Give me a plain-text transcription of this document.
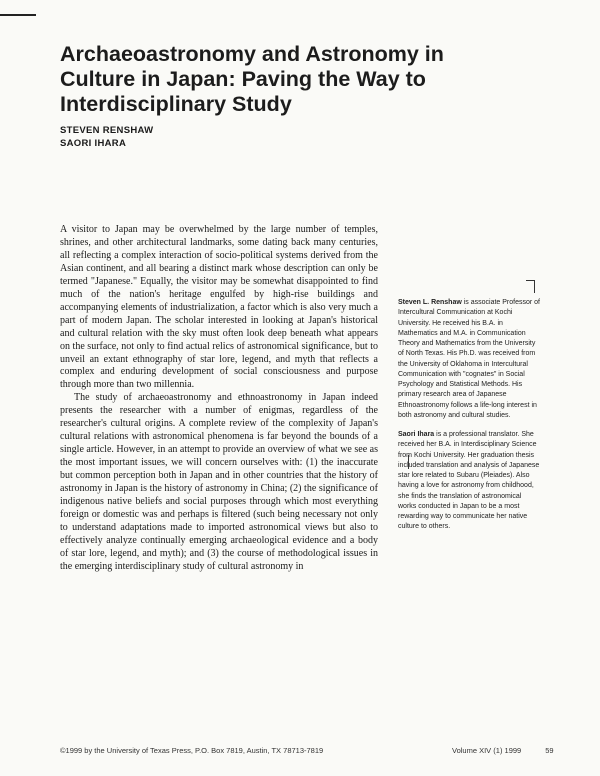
Archaeoastronomy and Astronomy in Culture in Japan: Paving the Way to Interdisciplinary Study
STEVEN RENSHAW
SAORI IHARA

A visitor to Japan may be overwhelmed by the large number of temples, shrines, and other architectural landmarks, some dating back many centuries, all reflecting a complex interaction of socio-political systems derived from the Asian continent, and all bearing a distinct mark whose description can only be termed "Japanese." Equally, the visitor may be somewhat disappointed to find much of the nation's heritage engulfed by high-rise buildings and accompanying elements of industrialization, a factor which is also very much a part of modern Japan. The scholar interested in looking at Japan's historical and cultural relation with the sky must often look deep beneath what appears on the surface, not only to find actual relics of astronomical significance, but to unveil an extant ethnography of star lore, legend, and myth that reflects a complex and enduring development of social consciousness and purpose through more than two millennia.

The study of archaeoastronomy and ethnoastronomy in Japan indeed presents the researcher with a number of enigmas, regardless of the researcher's cultural origins. A complete review of the complexity of Japan's cultural relations with astronomical phenomena is far beyond the bounds of a single article. However, in an attempt to provide an overview of what we see as the most important issues, we will concern ourselves with: (1) the inaccurate but common perception both in Japan and in other countries that the history of astronomy in Japan is the history of astronomy in China; (2) the significance of indigenous native beliefs and social purposes through which most everything foreign or domestic was and perhaps is filtered (such being necessary not only to understand adaptations made to imported astronomical views but also to effectively analyze continually emerging archaeological evidence and a body of star lore, legend, and myth); and (3) the course of methodological issues in the emerging interdisciplinary study of cultural astronomy in

Steven L. Renshaw is associate Professor of Intercultural Communication at Kochi University. He received his B.A. in Mathematics and M.A. in Communication Theory and Mathematics from the University of North Texas. His Ph.D. was received from the University of Oklahoma in Intercultural Communication with "cognates" in Social Psychology and Statistical Methods. His primary research area of Japanese Ethnoastronomy follows a life-long interest in both astronomy and cultural studies.

Saori Ihara is a professional translator. She received her B.A. in Interdisciplinary Science from Kochi University. Her graduation thesis included translation and analysis of Japanese star lore related to Subaru (Pleiades). Also having a love for astronomy from childhood, she finds the translation of astronomical works conducted in Japan to be a most rewarding way to communicate her native culture to others.

©1999 by the University of Texas Press, P.O. Box 7819, Austin, TX 78713-7819	Volume XIV (1) 1999	59
